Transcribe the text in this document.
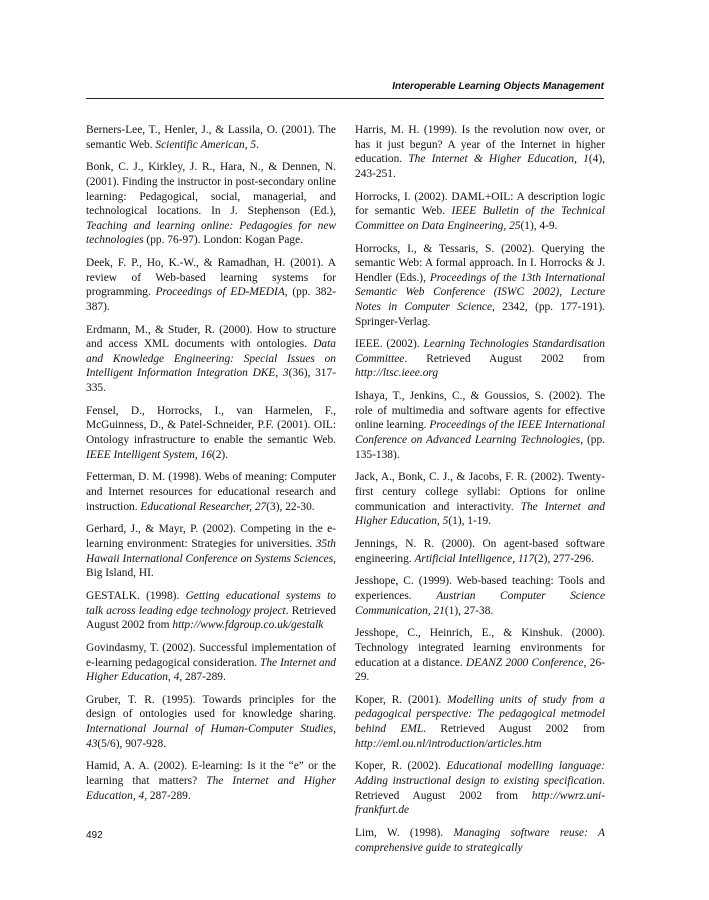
Interoperable Learning Objects Management

Berners-Lee, T., Henler, J., & Lassila, O. (2001). The semantic Web. Scientific American, 5.

Bonk, C. J., Kirkley, J. R., Hara, N., & Dennen, N. (2001). Finding the instructor in post-secondary online learning: Pedagogical, social, managerial, and technological locations. In J. Stephenson (Ed.), Teaching and learning online: Pedagogies for new technologies (pp. 76-97). London: Kogan Page.

Deek, F. P., Ho, K.-W., & Ramadhan, H. (2001). A review of Web-based learning systems for programming. Proceedings of ED-MEDIA, (pp. 382-387).

Erdmann, M., & Studer, R. (2000). How to structure and access XML documents with ontologies. Data and Knowledge Engineering: Special Issues on Intelligent Information Integration DKE, 3(36), 317-335.

Fensel, D., Horrocks, I., van Harmelen, F., McGuinness, D., & Patel-Schneider, P.F. (2001). OIL: Ontology infrastructure to enable the semantic Web. IEEE Intelligent System, 16(2).

Fetterman, D. M. (1998). Webs of meaning: Computer and Internet resources for educational research and instruction. Educational Researcher, 27(3), 22-30.

Gerhard, J., & Mayr, P. (2002). Competing in the e-learning environment: Strategies for universities. 35th Hawaii International Conference on Systems Sciences, Big Island, HI.

GESTALK. (1998). Getting educational systems to talk across leading edge technology project. Retrieved August 2002 from http://www.fdgroup.co.uk/gestalk

Govindasmy, T. (2002). Successful implementation of e-learning pedagogical consideration. The Internet and Higher Education, 4, 287-289.

Gruber, T. R. (1995). Towards principles for the design of ontologies used for knowledge sharing. International Journal of Human-Computer Studies, 43(5/6), 907-928.

Hamid, A. A. (2002). E-learning: Is it the “e” or the learning that matters? The Internet and Higher Education, 4, 287-289.

Harris, M. H. (1999). Is the revolution now over, or has it just begun? A year of the Internet in higher education. The Internet & Higher Education, 1(4), 243-251.

Horrocks, I. (2002). DAML+OIL: A description logic for semantic Web. IEEE Bulletin of the Technical Committee on Data Engineering, 25(1), 4-9.

Horrocks, I., & Tessaris, S. (2002). Querying the semantic Web: A formal approach. In I. Horrocks & J. Hendler (Eds.), Proceedings of the 13th International Semantic Web Conference (ISWC 2002), Lecture Notes in Computer Science, 2342, (pp. 177-191). Springer-Verlag.

IEEE. (2002). Learning Technologies Standardisation Committee. Retrieved August 2002 from http://ltsc.ieee.org

Ishaya, T., Jenkins, C., & Goussios, S. (2002). The role of multimedia and software agents for effective online learning. Proceedings of the IEEE International Conference on Advanced Learning Technologies, (pp. 135-138).

Jack, A., Bonk, C. J., & Jacobs, F. R. (2002). Twenty-first century college syllabi: Options for online communication and interactivity. The Internet and Higher Education, 5(1), 1-19.

Jennings, N. R. (2000). On agent-based software engineering. Artificial Intelligence, 117(2), 277-296.

Jesshope, C. (1999). Web-based teaching: Tools and experiences. Austrian Computer Science Communication, 21(1), 27-38.

Jesshope, C., Heinrich, E., & Kinshuk. (2000). Technology integrated learning environments for education at a distance. DEANZ 2000 Conference, 26-29.

Koper, R. (2001). Modelling units of study from a pedagogical perspective: The pedagogical metmodel behind EML. Retrieved August 2002 from http://eml.ou.nl/introduction/articles.htm

Koper, R. (2002). Educational modelling language: Adding instructional design to existing specification. Retrieved August 2002 from http://wwrz.uni-frankfurt.de

Lim, W. (1998). Managing software reuse: A comprehensive guide to strategically

492
